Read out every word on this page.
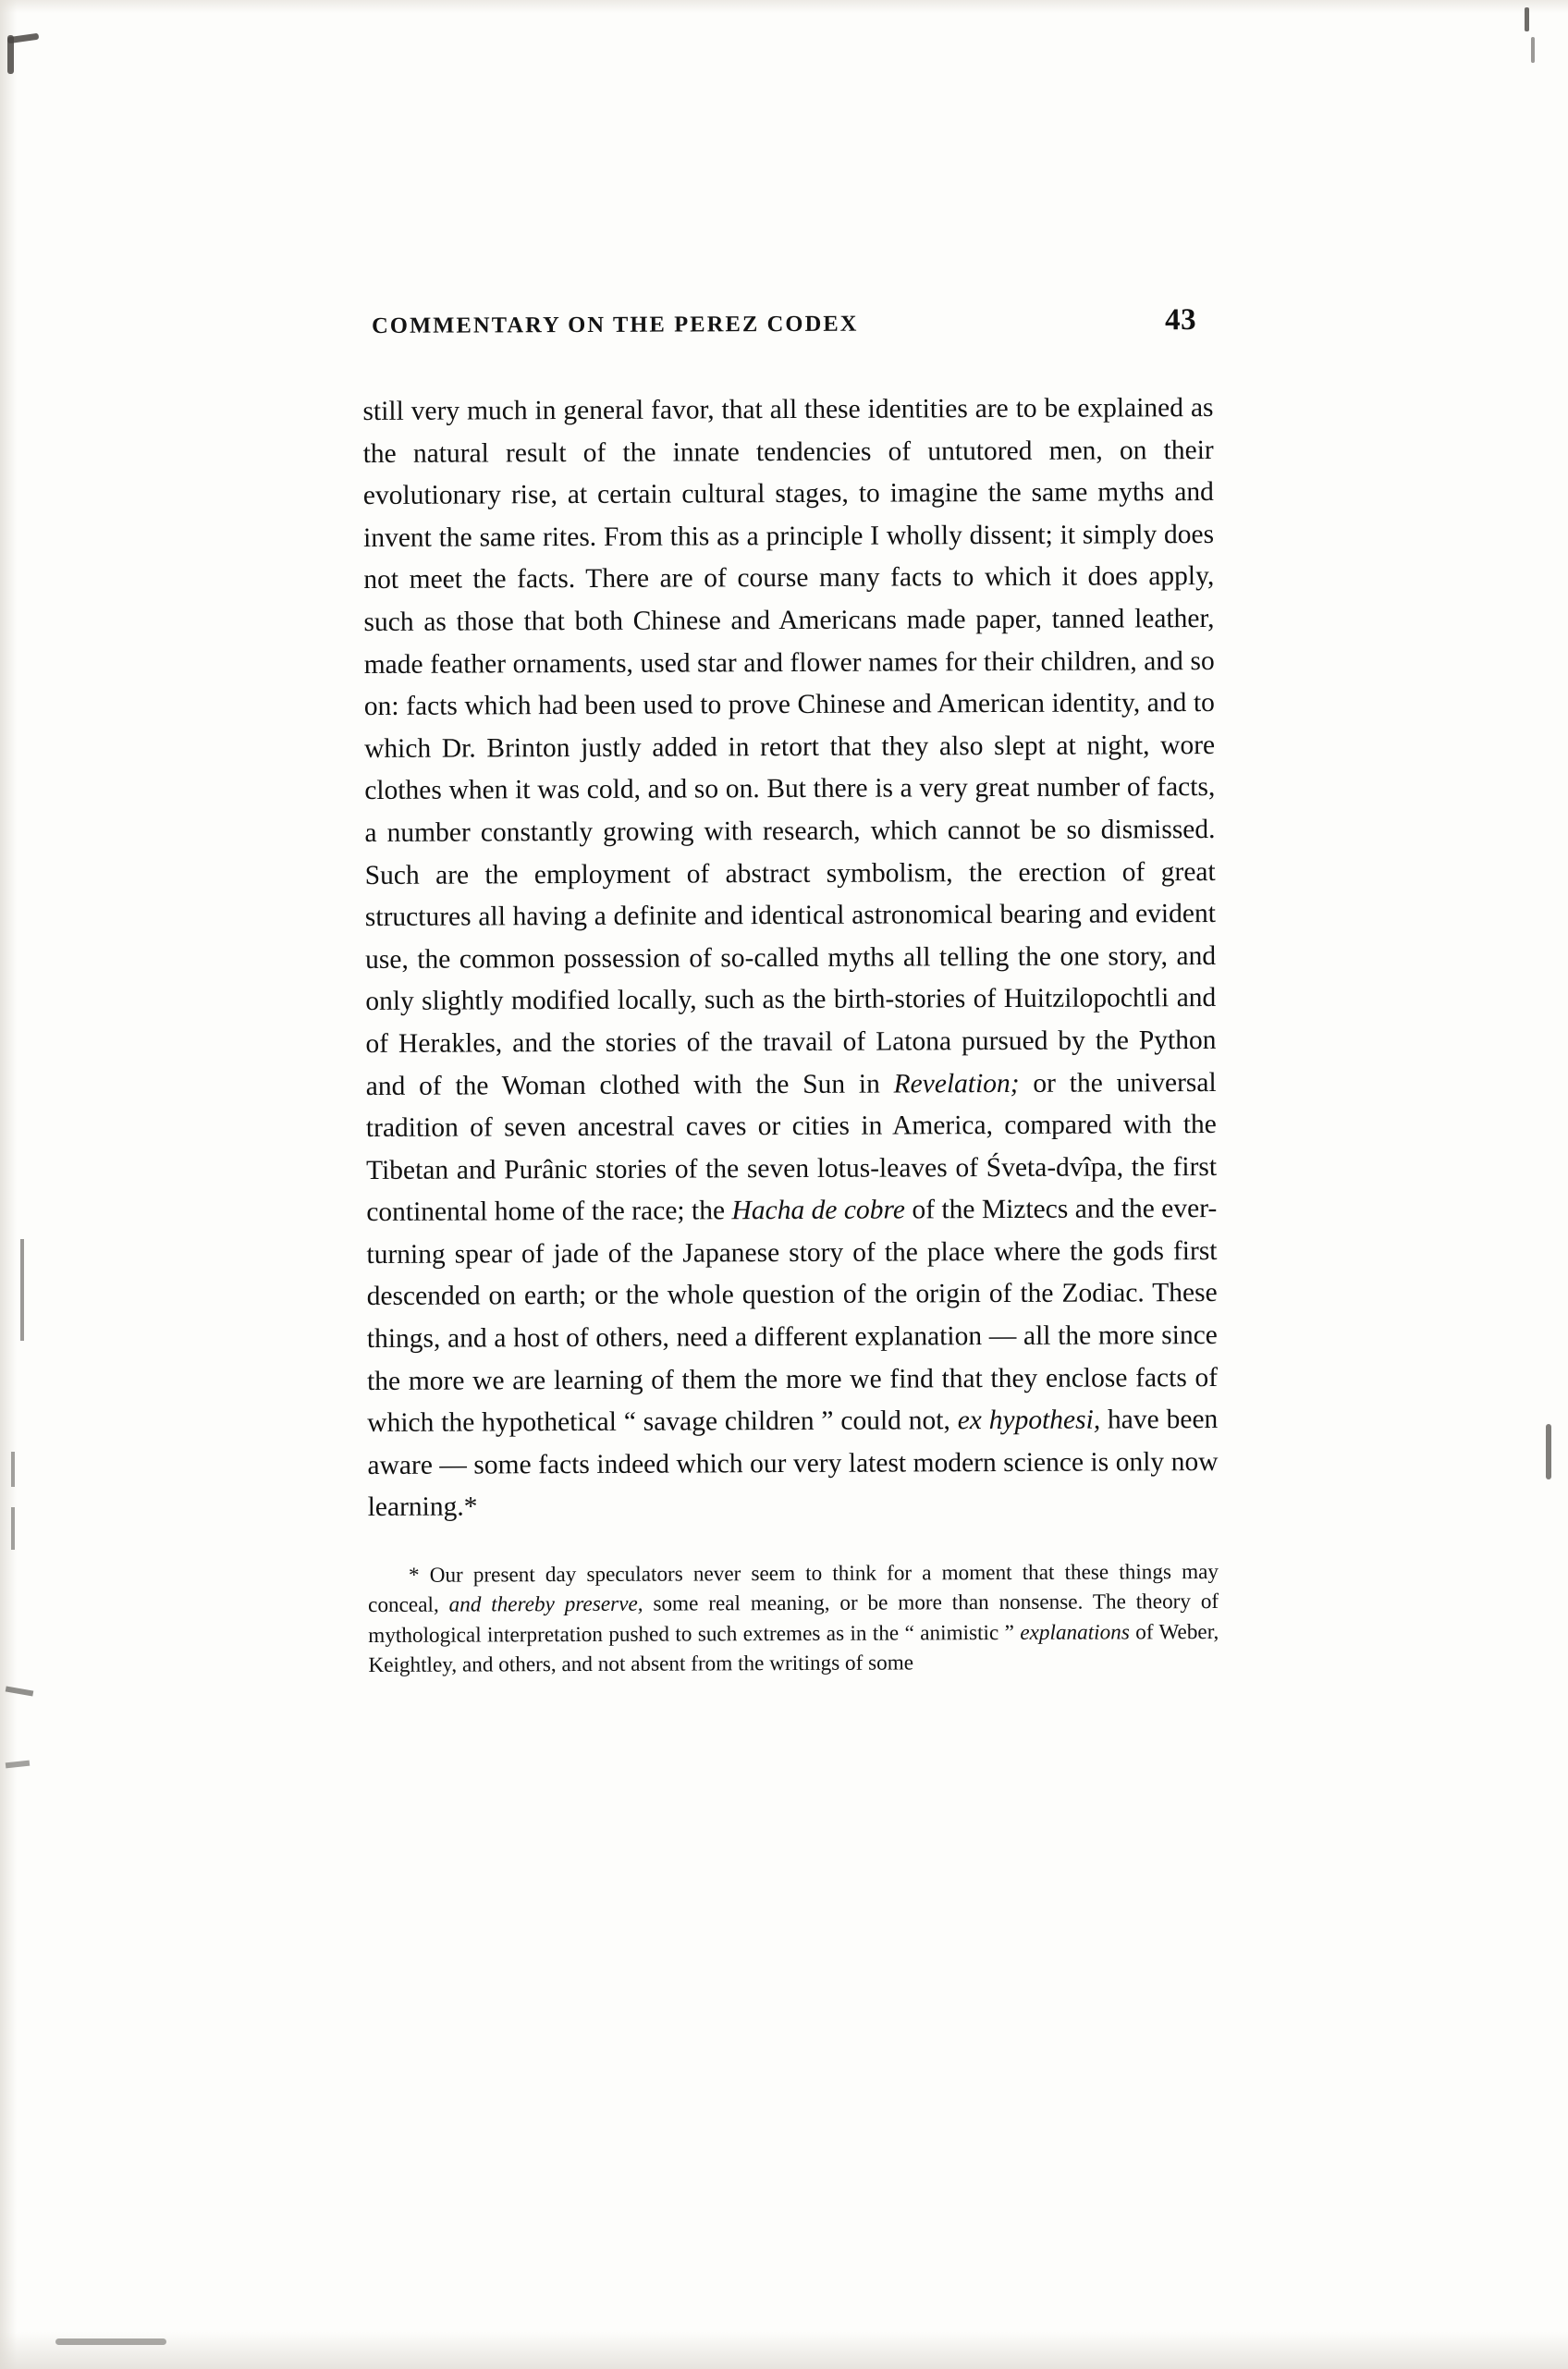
COMMENTARY ON THE PEREZ CODEX	43

still very much in general favor, that all these identities are to be explained as the natural result of the innate tendencies of untutored men, on their evolutionary rise, at certain cultural stages, to imagine the same myths and invent the same rites. From this as a principle I wholly dissent; it simply does not meet the facts. There are of course many facts to which it does apply, such as those that both Chinese and Americans made paper, tanned leather, made feather ornaments, used star and flower names for their children, and so on: facts which had been used to prove Chinese and American identity, and to which Dr. Brinton justly added in retort that they also slept at night, wore clothes when it was cold, and so on. But there is a very great number of facts, a number constantly growing with research, which cannot be so dismissed. Such are the employment of abstract symbolism, the erection of great structures all having a definite and identical astronomical bearing and evident use, the common possession of so-called myths all telling the one story, and only slightly modified locally, such as the birth-stories of Huitzilopochtli and of Herakles, and the stories of the travail of Latona pursued by the Python and of the Woman clothed with the Sun in Revelation; or the universal tradition of seven ancestral caves or cities in America, compared with the Tibetan and Purânic stories of the seven lotus-leaves of Śveta-dvîpa, the first continental home of the race; the Hacha de cobre of the Miztecs and the ever-turning spear of jade of the Japanese story of the place where the gods first descended on earth; or the whole question of the origin of the Zodiac. These things, and a host of others, need a different explanation — all the more since the more we are learning of them the more we find that they enclose facts of which the hypothetical “ savage children ” could not, ex hypothesi, have been aware — some facts indeed which our very latest modern science is only now learning.*

* Our present day speculators never seem to think for a moment that these things may conceal, and thereby preserve, some real meaning, or be more than nonsense. The theory of mythological interpretation pushed to such extremes as in the “ animistic ” explanations of Weber, Keightley, and others, and not absent from the writings of some
